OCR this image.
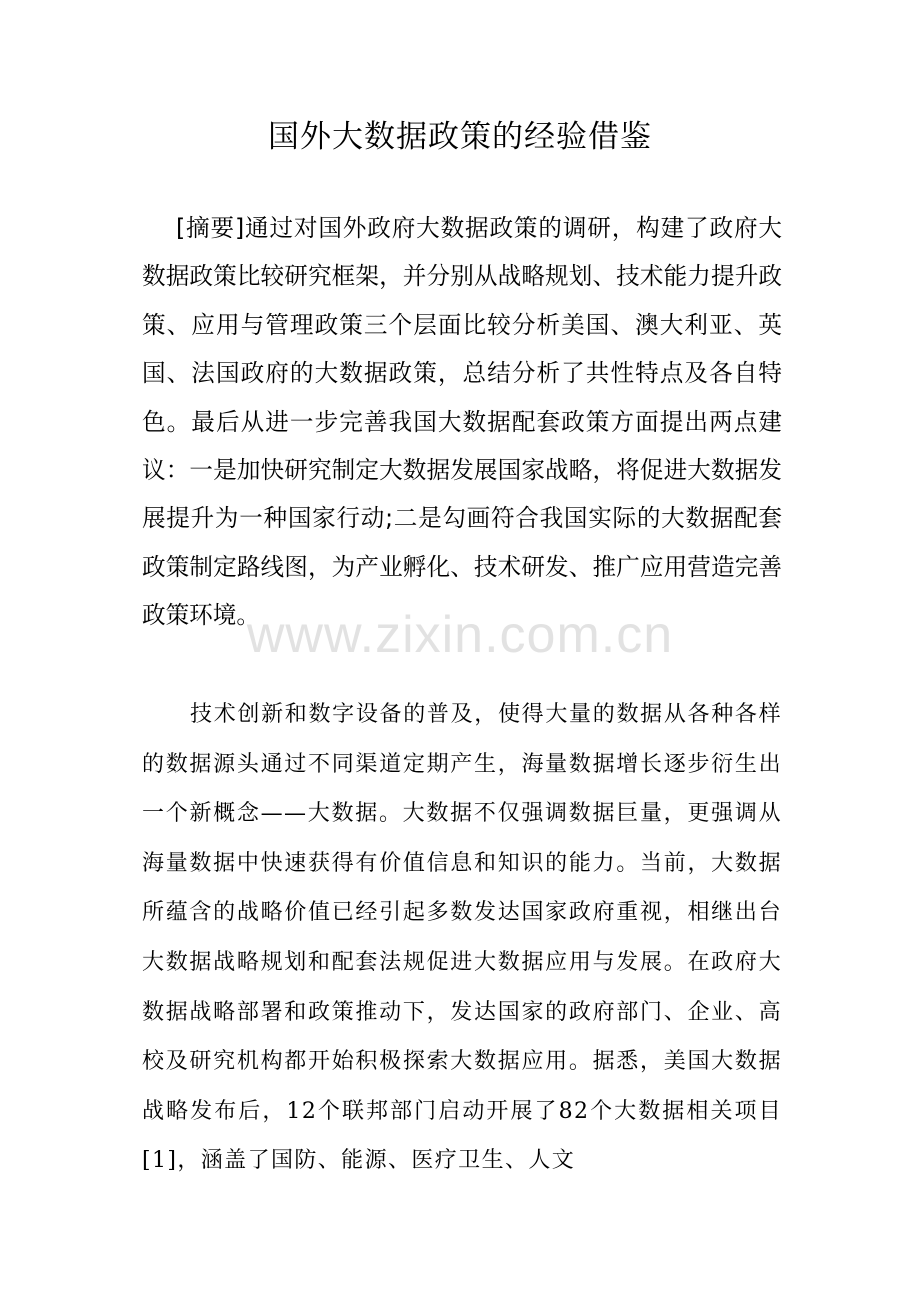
国外大数据政策的经验借鉴

[摘要]通过对国外政府大数据政策的调研，构建了政府大数据政策比较研究框架，并分别从战略规划、技术能力提升政策、应用与管理政策三个层面比较分析美国、澳大利亚、英国、法国政府的大数据政策，总结分析了共性特点及各自特色。最后从进一步完善我国大数据配套政策方面提出两点建议：一是加快研究制定大数据发展国家战略，将促进大数据发展提升为一种国家行动;二是勾画符合我国实际的大数据配套政策制定路线图，为产业孵化、技术研发、推广应用营造完善政策环境。

www.zixin.com.cn

技术创新和数字设备的普及，使得大量的数据从各种各样的数据源头通过不同渠道定期产生，海量数据增长逐步衍生出一个新概念——大数据。大数据不仅强调数据巨量，更强调从海量数据中快速获得有价值信息和知识的能力。当前，大数据所蕴含的战略价值已经引起多数发达国家政府重视，相继出台大数据战略规划和配套法规促进大数据应用与发展。在政府大数据战略部署和政策推动下，发达国家的政府部门、企业、高校及研究机构都开始积极探索大数据应用。据悉，美国大数据战略发布后，12个联邦部门启动开展了82个大数据相关项目[1]，涵盖了国防、能源、医疗卫生、人文
